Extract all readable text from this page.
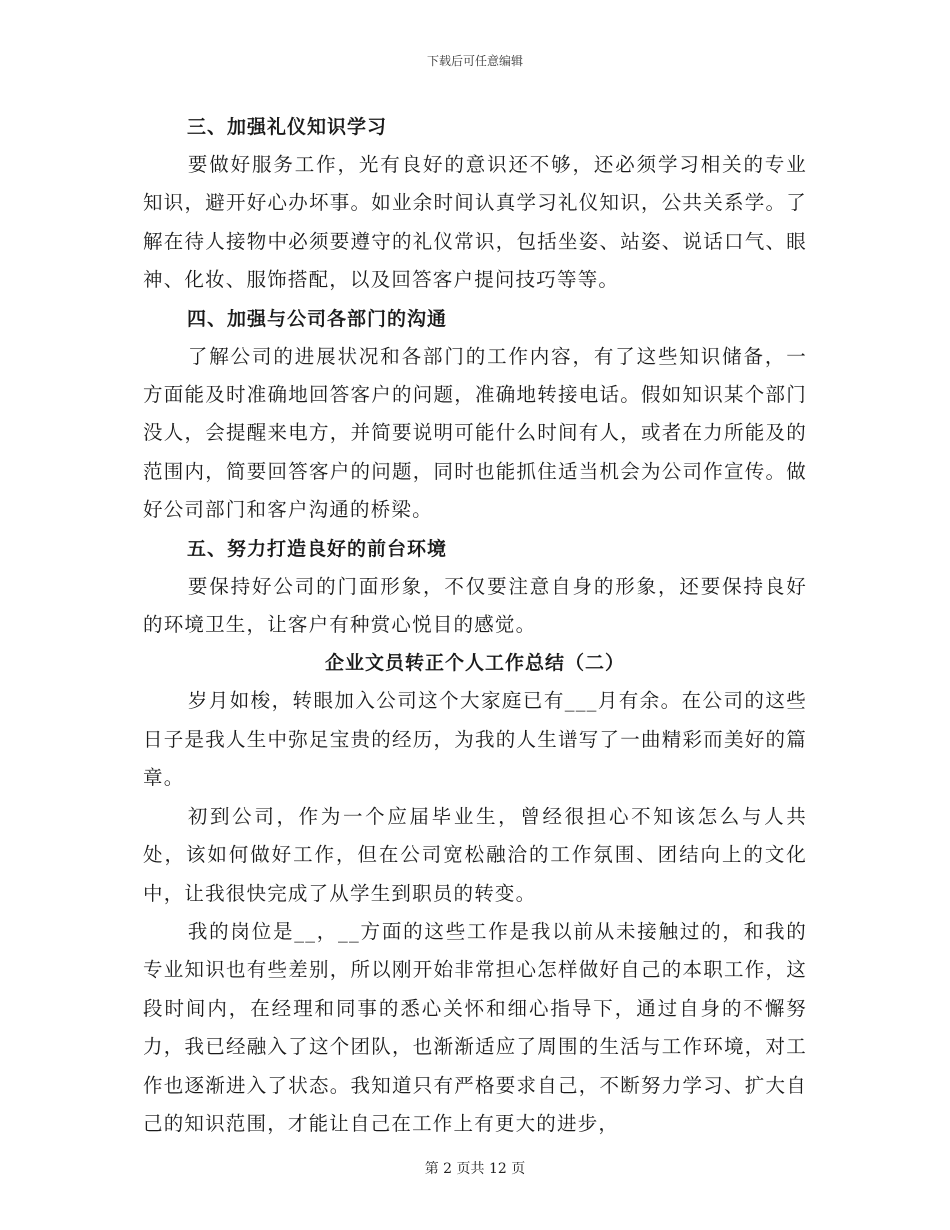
下载后可任意编辑
三、加强礼仪知识学习

要做好服务工作，光有良好的意识还不够，还必须学习相关的专业知识，避开好心办坏事。如业余时间认真学习礼仪知识，公共关系学。了解在待人接物中必须要遵守的礼仪常识，包括坐姿、站姿、说话口气、眼神、化妆、服饰搭配，以及回答客户提问技巧等等。

四、加强与公司各部门的沟通

了解公司的进展状况和各部门的工作内容，有了这些知识储备，一方面能及时准确地回答客户的问题，准确地转接电话。假如知识某个部门没人，会提醒来电方，并简要说明可能什么时间有人，或者在力所能及的范围内，简要回答客户的问题，同时也能抓住适当机会为公司作宣传。做好公司部门和客户沟通的桥梁。

五、努力打造良好的前台环境

要保持好公司的门面形象，不仅要注意自身的形象，还要保持良好的环境卫生，让客户有种赏心悦目的感觉。

企业文员转正个人工作总结（二）

岁月如梭，转眼加入公司这个大家庭已有___月有余。在公司的这些日子是我人生中弥足宝贵的经历，为我的人生谱写了一曲精彩而美好的篇章。

初到公司，作为一个应届毕业生，曾经很担心不知该怎么与人共处，该如何做好工作，但在公司宽松融洽的工作氛围、团结向上的文化中，让我很快完成了从学生到职员的转变。

我的岗位是__，__方面的这些工作是我以前从未接触过的，和我的专业知识也有些差别，所以刚开始非常担心怎样做好自己的本职工作，这段时间内，在经理和同事的悉心关怀和细心指导下，通过自身的不懈努力，我已经融入了这个团队，也渐渐适应了周围的生活与工作环境，对工作也逐渐进入了状态。我知道只有严格要求自己，不断努力学习、扩大自己的知识范围，才能让自己在工作上有更大的进步，

第 2 页共 12 页
